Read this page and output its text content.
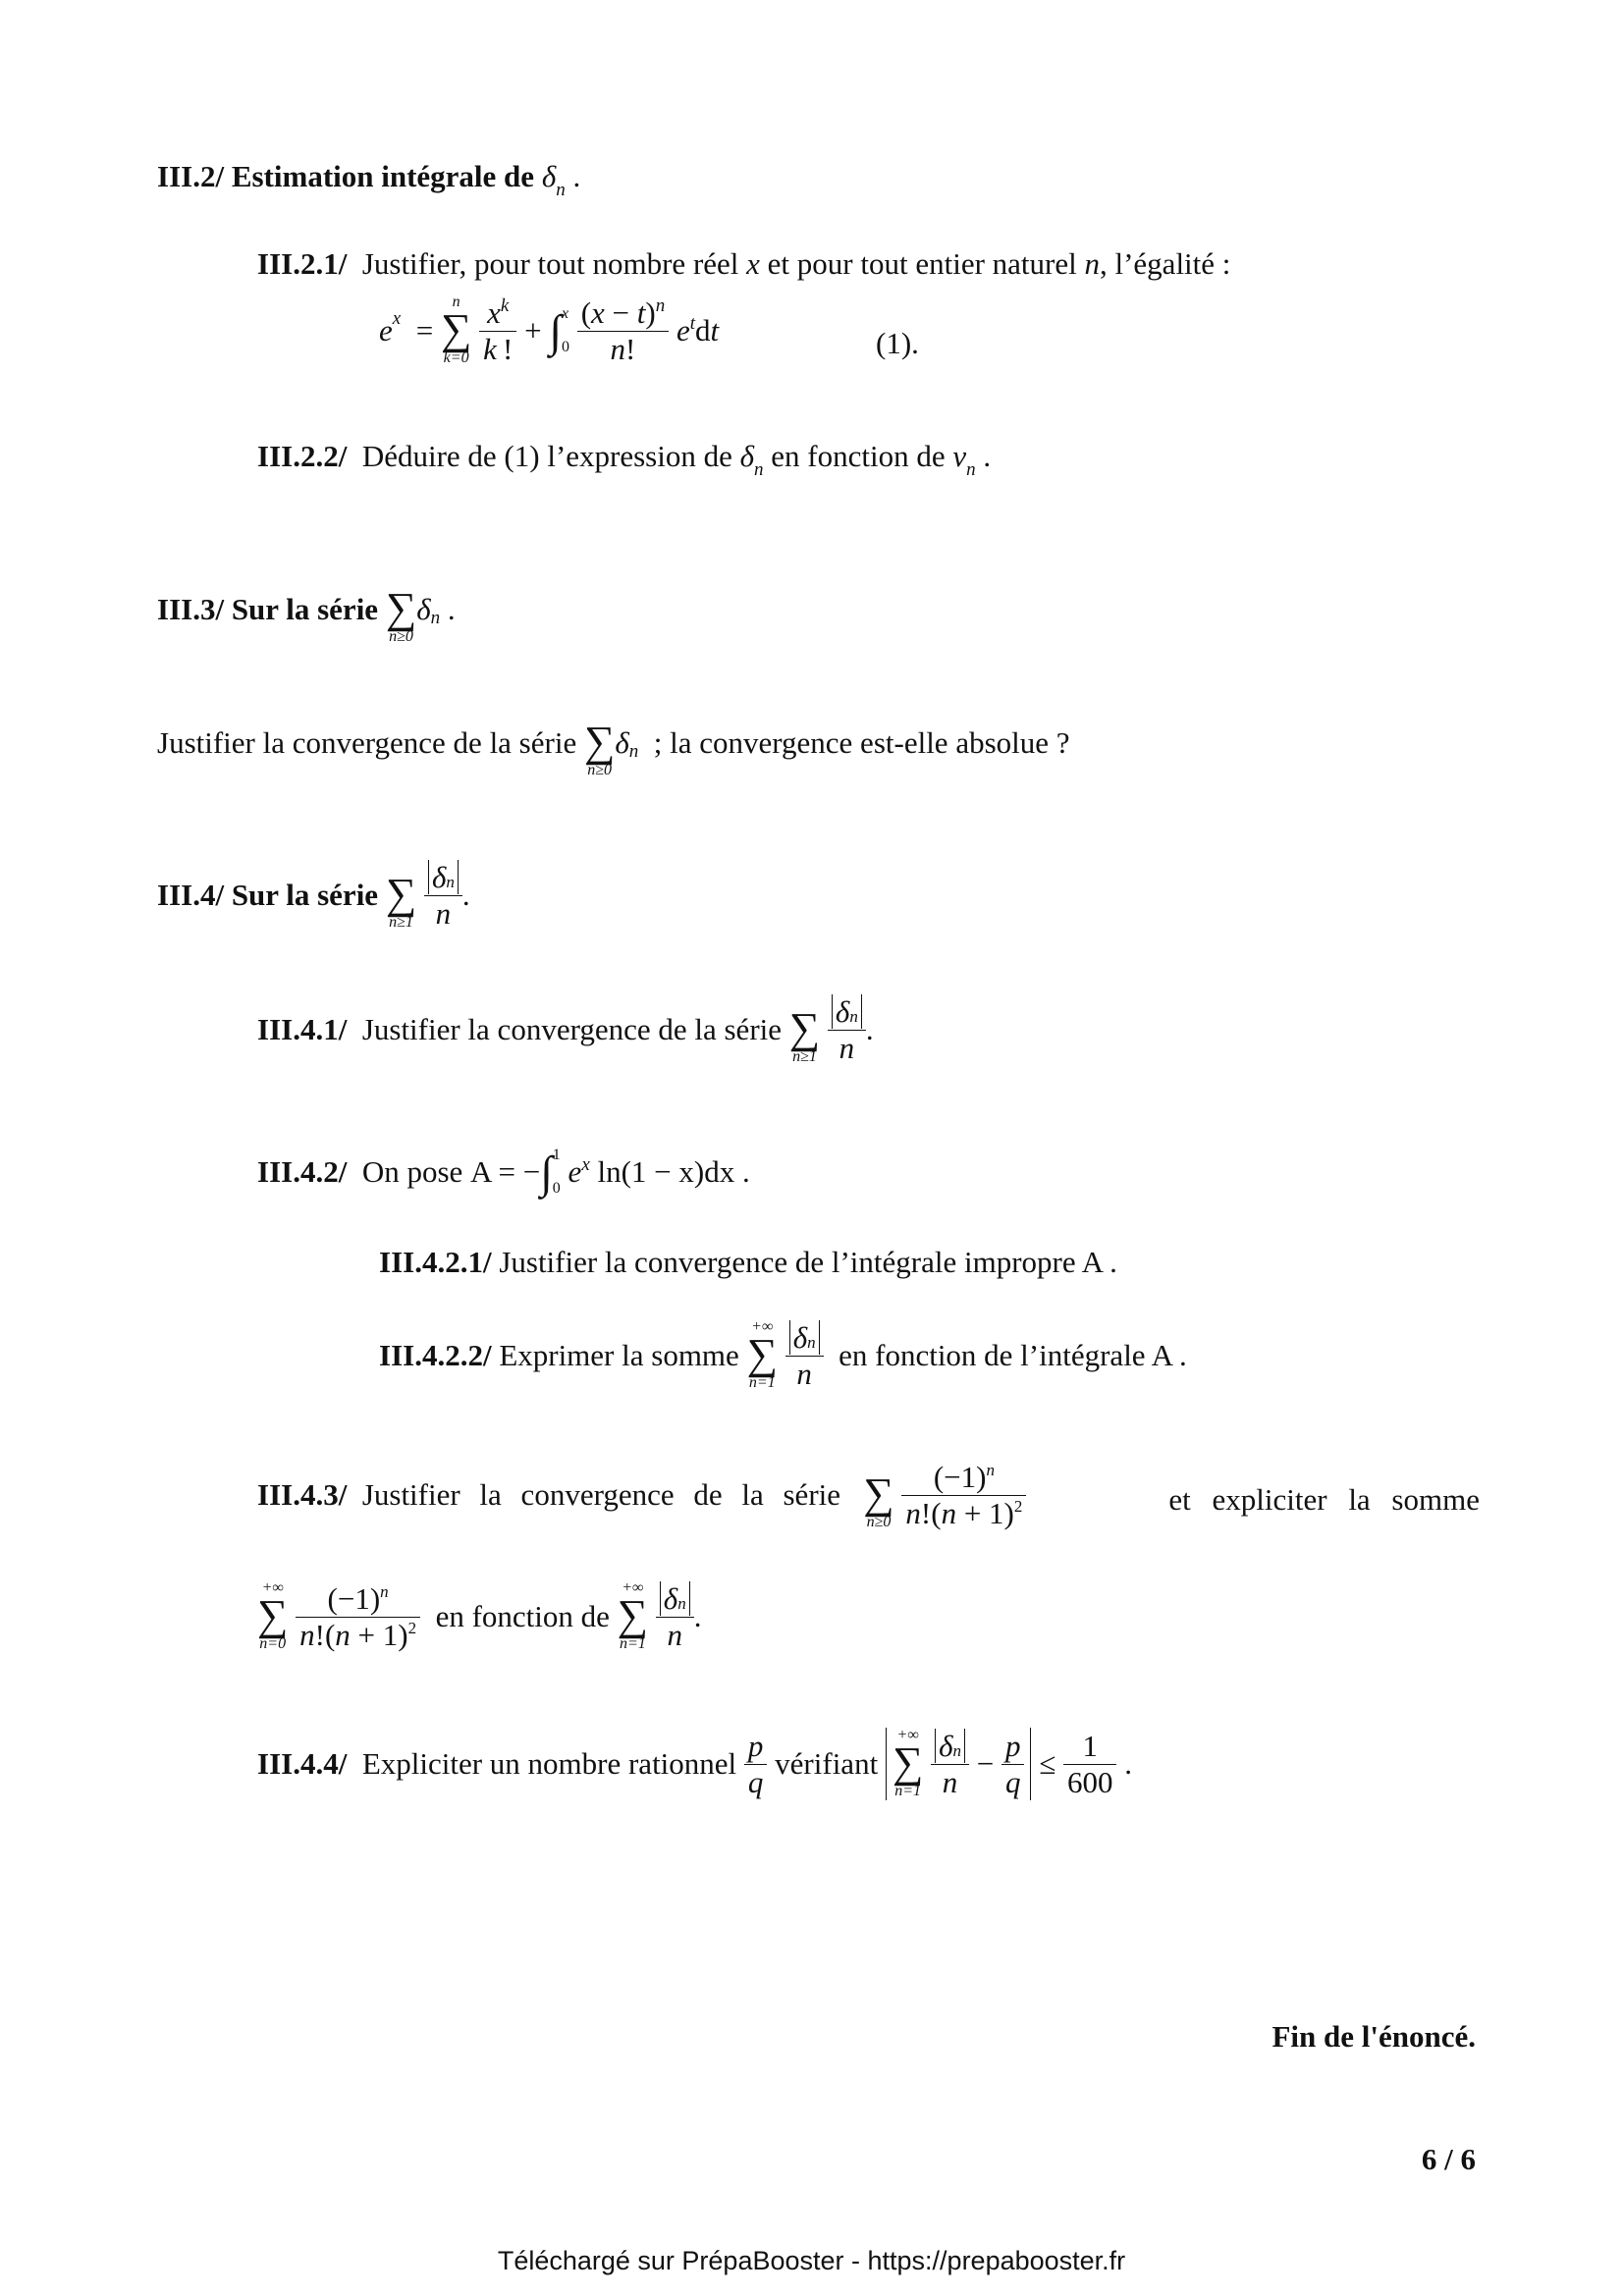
III.2/ Estimation intégrale de $\delta_n$ .
III.2.1/ Justifier, pour tout nombre réel x et pour tout entier naturel n, l’égalité :
$e^x$  =
n
∑
k=0
$\frac{x^k}{k !} + \int x$
$0 \frac{(x - t)^n}{n!} e^tdt$	(1).
III.2.2/ Déduire de (1) l’expression de $\delta_n$ en fonction de $v_n$ .
III.3/ Sur la série
∑
n≥0
$\delta_n$ .
Justifier la convergence de la série
∑
n≥0
$\delta_n$ ; la convergence est-elle absolue ?
III.4/ Sur la série
∑
n≥1
$\frac{\delta n}{n}$ .
III.4.1/ Justifier la convergence de la série
∑
n≥1
$\frac{\delta n}{n}$ .
III.4.2/ On pose A = −∫1
0 $e^x$ ln(1 − x)dx .
III.4.2.1/ Justifier la convergence de l’intégrale impropre A .
III.4.2.2/ Exprimer la somme
+∞
∑
n=1
$\frac{\delta n}{n}$ en fonction de l’intégrale A .
III.4.3/ Justifier la convergence de la série
∑
n≥0
$\frac{(-1)^n}{n!(n + 1)^2}$	et expliciter la somme
+∞
∑
n=0
$\frac{(-1)^n}{n!(n + 1)^2}$ en fonction de
+∞
∑
n=1
$\frac{\delta n}{n}$ .
III.4.4/ Expliciter un nombre rationnel $\frac{p}{q}$ vérifiant
+∞
∑
n=1
$\frac{\delta n}{n} - \frac{p}{q} \le \frac{1}{600}$ .
Fin de l'énoncé.
6 / 6
Téléchargé sur PrépaBooster - https://prepabooster.fr
